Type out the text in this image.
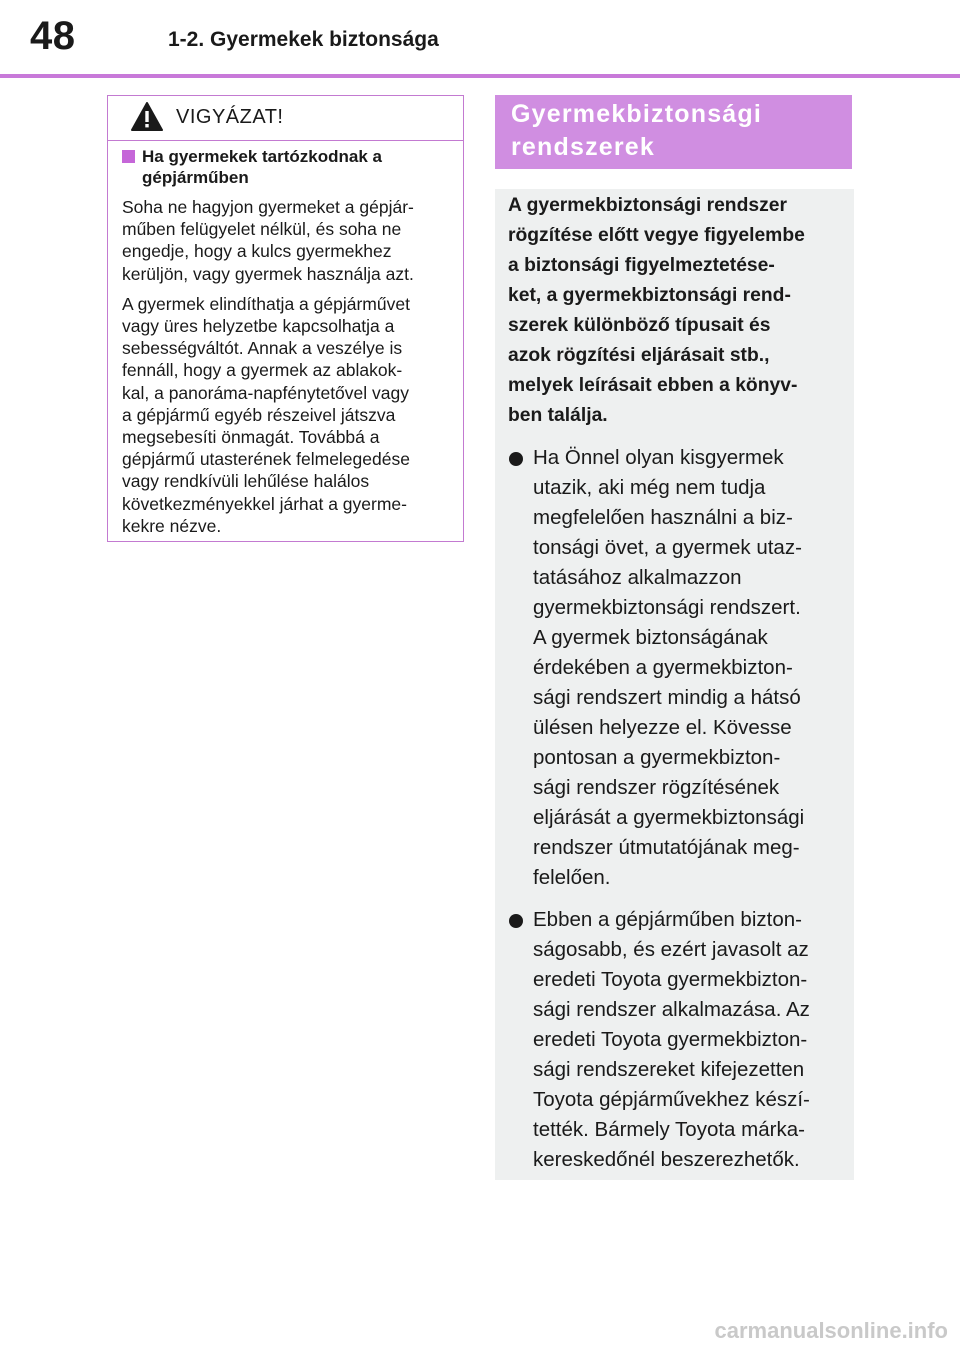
48	1-2. Gyermekek biztonsága
VIGYÁZAT!
Ha gyermekek tartózkodnak a
gépjárműben

Soha ne hagyjon gyermeket a gépjár-
műben felügyelet nélkül, és soha ne
engedje, hogy a kulcs gyermekhez
kerüljön, vagy gyermek használja azt.

A gyermek elindíthatja a gépjárművet
vagy üres helyzetbe kapcsolhatja a
sebességváltót. Annak a veszélye is
fennáll, hogy a gyermek az ablakok-
kal, a panoráma-napfénytetővel vagy
a gépjármű egyéb részeivel játszva
megsebesíti önmagát. Továbbá a
gépjármű utasterének felmelegedése
vagy rendkívüli lehűlése halálos
következményekkel járhat a gyerme-
kekre nézve.

Gyermekbiztonsági
rendszerek

A gyermekbiztonsági rendszer
rögzítése előtt vegye figyelembe
a biztonsági figyelmeztetése-
ket, a gyermekbiztonsági rend-
szerek különböző típusait és
azok rögzítési eljárásait stb.,
melyek leírásait ebben a könyv-
ben találja.

Ha Önnel olyan kisgyermek
utazik, aki még nem tudja
megfelelően használni a biz-
tonsági övet, a gyermek utaz-
tatásához alkalmazzon
gyermekbiztonsági rendszert.
A gyermek biztonságának
érdekében a gyermekbizton-
sági rendszert mindig a hátsó
ülésen helyezze el. Kövesse
pontosan a gyermekbizton-
sági rendszer rögzítésének
eljárását a gyermekbiztonsági
rendszer útmutatójának meg-
felelően.
Ebben a gépjárműben bizton-
ságosabb, és ezért javasolt az
eredeti Toyota gyermekbizton-
sági rendszer alkalmazása. Az
eredeti Toyota gyermekbizton-
sági rendszereket kifejezetten
Toyota gépjárművekhez készí-
tették. Bármely Toyota márka-
kereskedőnél beszerezhetők.
carmanualsonline.info
